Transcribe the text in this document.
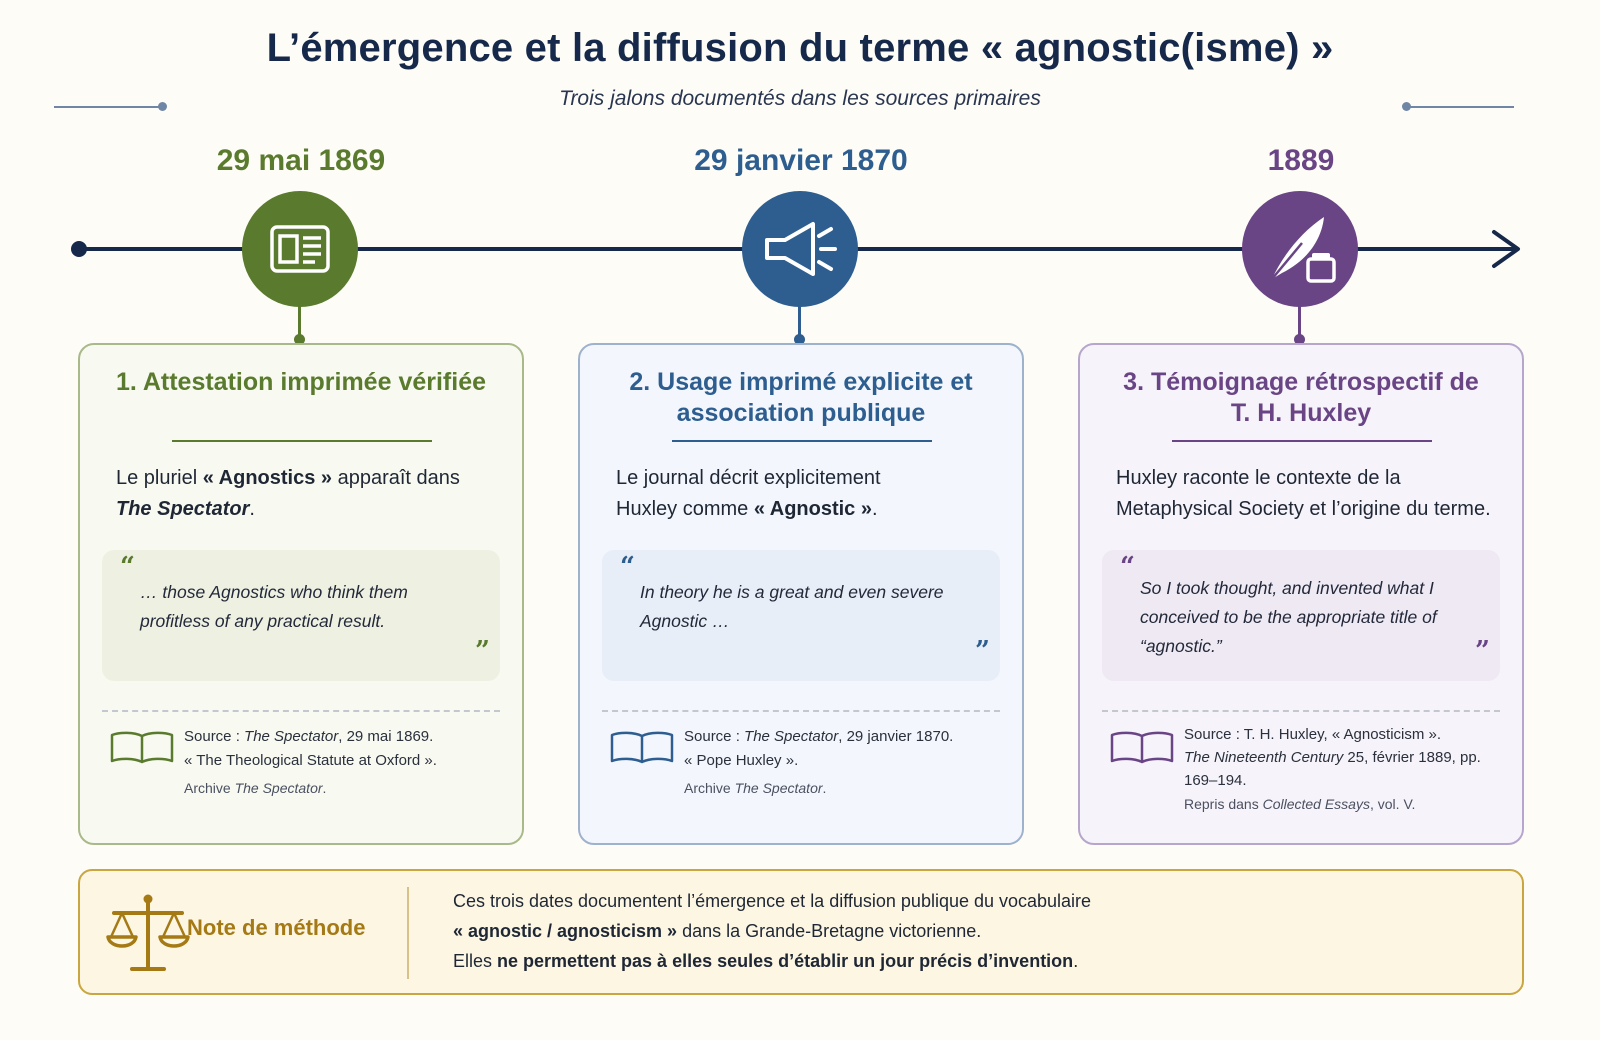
L’émergence et la diffusion du terme « agnostic(isme) »
Trois jalons documentés dans les sources primaires
29 mai 1869	29 janvier 1870	1889
1. Attestation imprimée vérifiée
Le pluriel « Agnostics » apparaît dans The Spectator.
“
… those Agnostics who think them profitless of any practical result.
”
Source : The Spectator, 29 mai 1869.
« The Theological Statute at Oxford ».
Archive The Spectator.
2. Usage imprimé explicite et association publique
Le journal décrit explicitement Huxley comme « Agnostic ».
“
In theory he is a great and even severe Agnostic …
”
Source : The Spectator, 29 janvier 1870.
« Pope Huxley ».
Archive The Spectator.
3. Témoignage rétrospectif de T. H. Huxley
Huxley raconte le contexte de la Metaphysical Society et l’origine du terme.
“
So I took thought, and invented what I conceived to be the appropriate title of “agnostic.”	”
Source : T. H. Huxley, « Agnosticism ».
The Nineteenth Century 25, février 1889, pp. 169–194.
Repris dans Collected Essays, vol. V.
Note de méthode
Ces trois dates documentent l’émergence et la diffusion publique du vocabulaire
« agnostic / agnosticism » dans la Grande-Bretagne victorienne.
Elles ne permettent pas à elles seules d’établir un jour précis d’invention.
